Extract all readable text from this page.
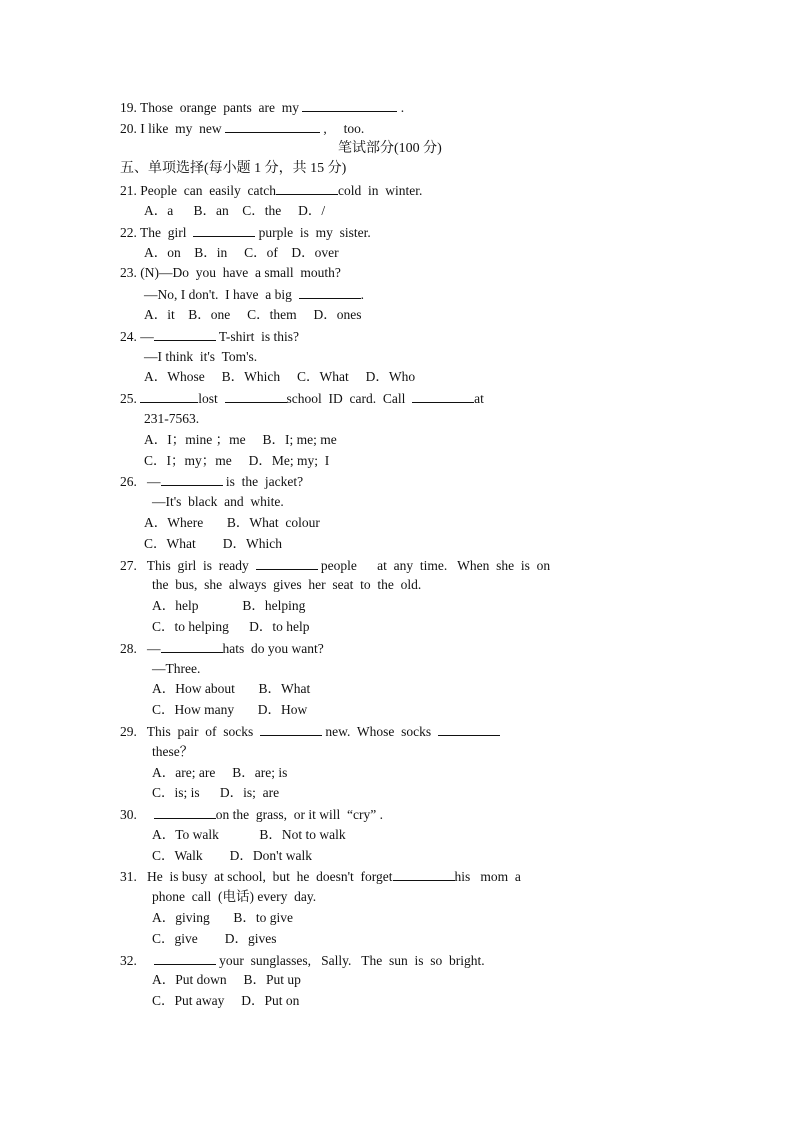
19. Those  orange  pants  are  my	.
20. I like  my  new	,     too.
笔试部分(100 分)
五、单项选择(每小题 1 分，共 15 分)
21. People  can  easily  catch	cold  in  winter.
A．a      B．an    C．the     D．/
22. The  girl	purple  is  my  sister.
A．on    B．in     C．of    D．over
23. (N)—Do  you  have  a small  mouth?
—No, I don't.  I have  a big	.
A．it    B．one     C．them     D．ones
24. —	T-shirt  is this?
—I think  it's  Tom's.
A．Whose     B．Which     C．What     D．Who
25.	lost	school  ID  card.  Call	at
231-7563.
A．I；mine ；me     B．I; me; me
C．I；my；me     D．Me; my;  I
26.   —	is  the  jacket?
—It's  black  and  white.
A．Where       B．What  colour
C．What        D．Which
27.   This  girl  is  ready	people      at  any  time.   When  she  is  on
the  bus,  she  always  gives  her  seat  to  the  old.
A．help             B．helping
C．to helping      D．to help
28.   —	hats  do you want?
—Three.
A．How about       B．What
C．How many       D．How
29.   This  pair  of  socks	new.  Whose  socks
these？
A．are; are     B．are; is
C．is; is      D．is;  are
30.	on the  grass,  or it will  “cry” .
A．To walk            B．Not to walk
C．Walk        D．Don't walk
31.   He  is busy  at school,  but  he  doesn't  forget	his   mom  a
phone  call  (电话) every  day.
A．giving       B．to give
C．give        D．gives
32.	your  sunglasses,   Sally.   The  sun  is  so  bright.
A．Put down     B．Put up
C．Put away     D．Put on
